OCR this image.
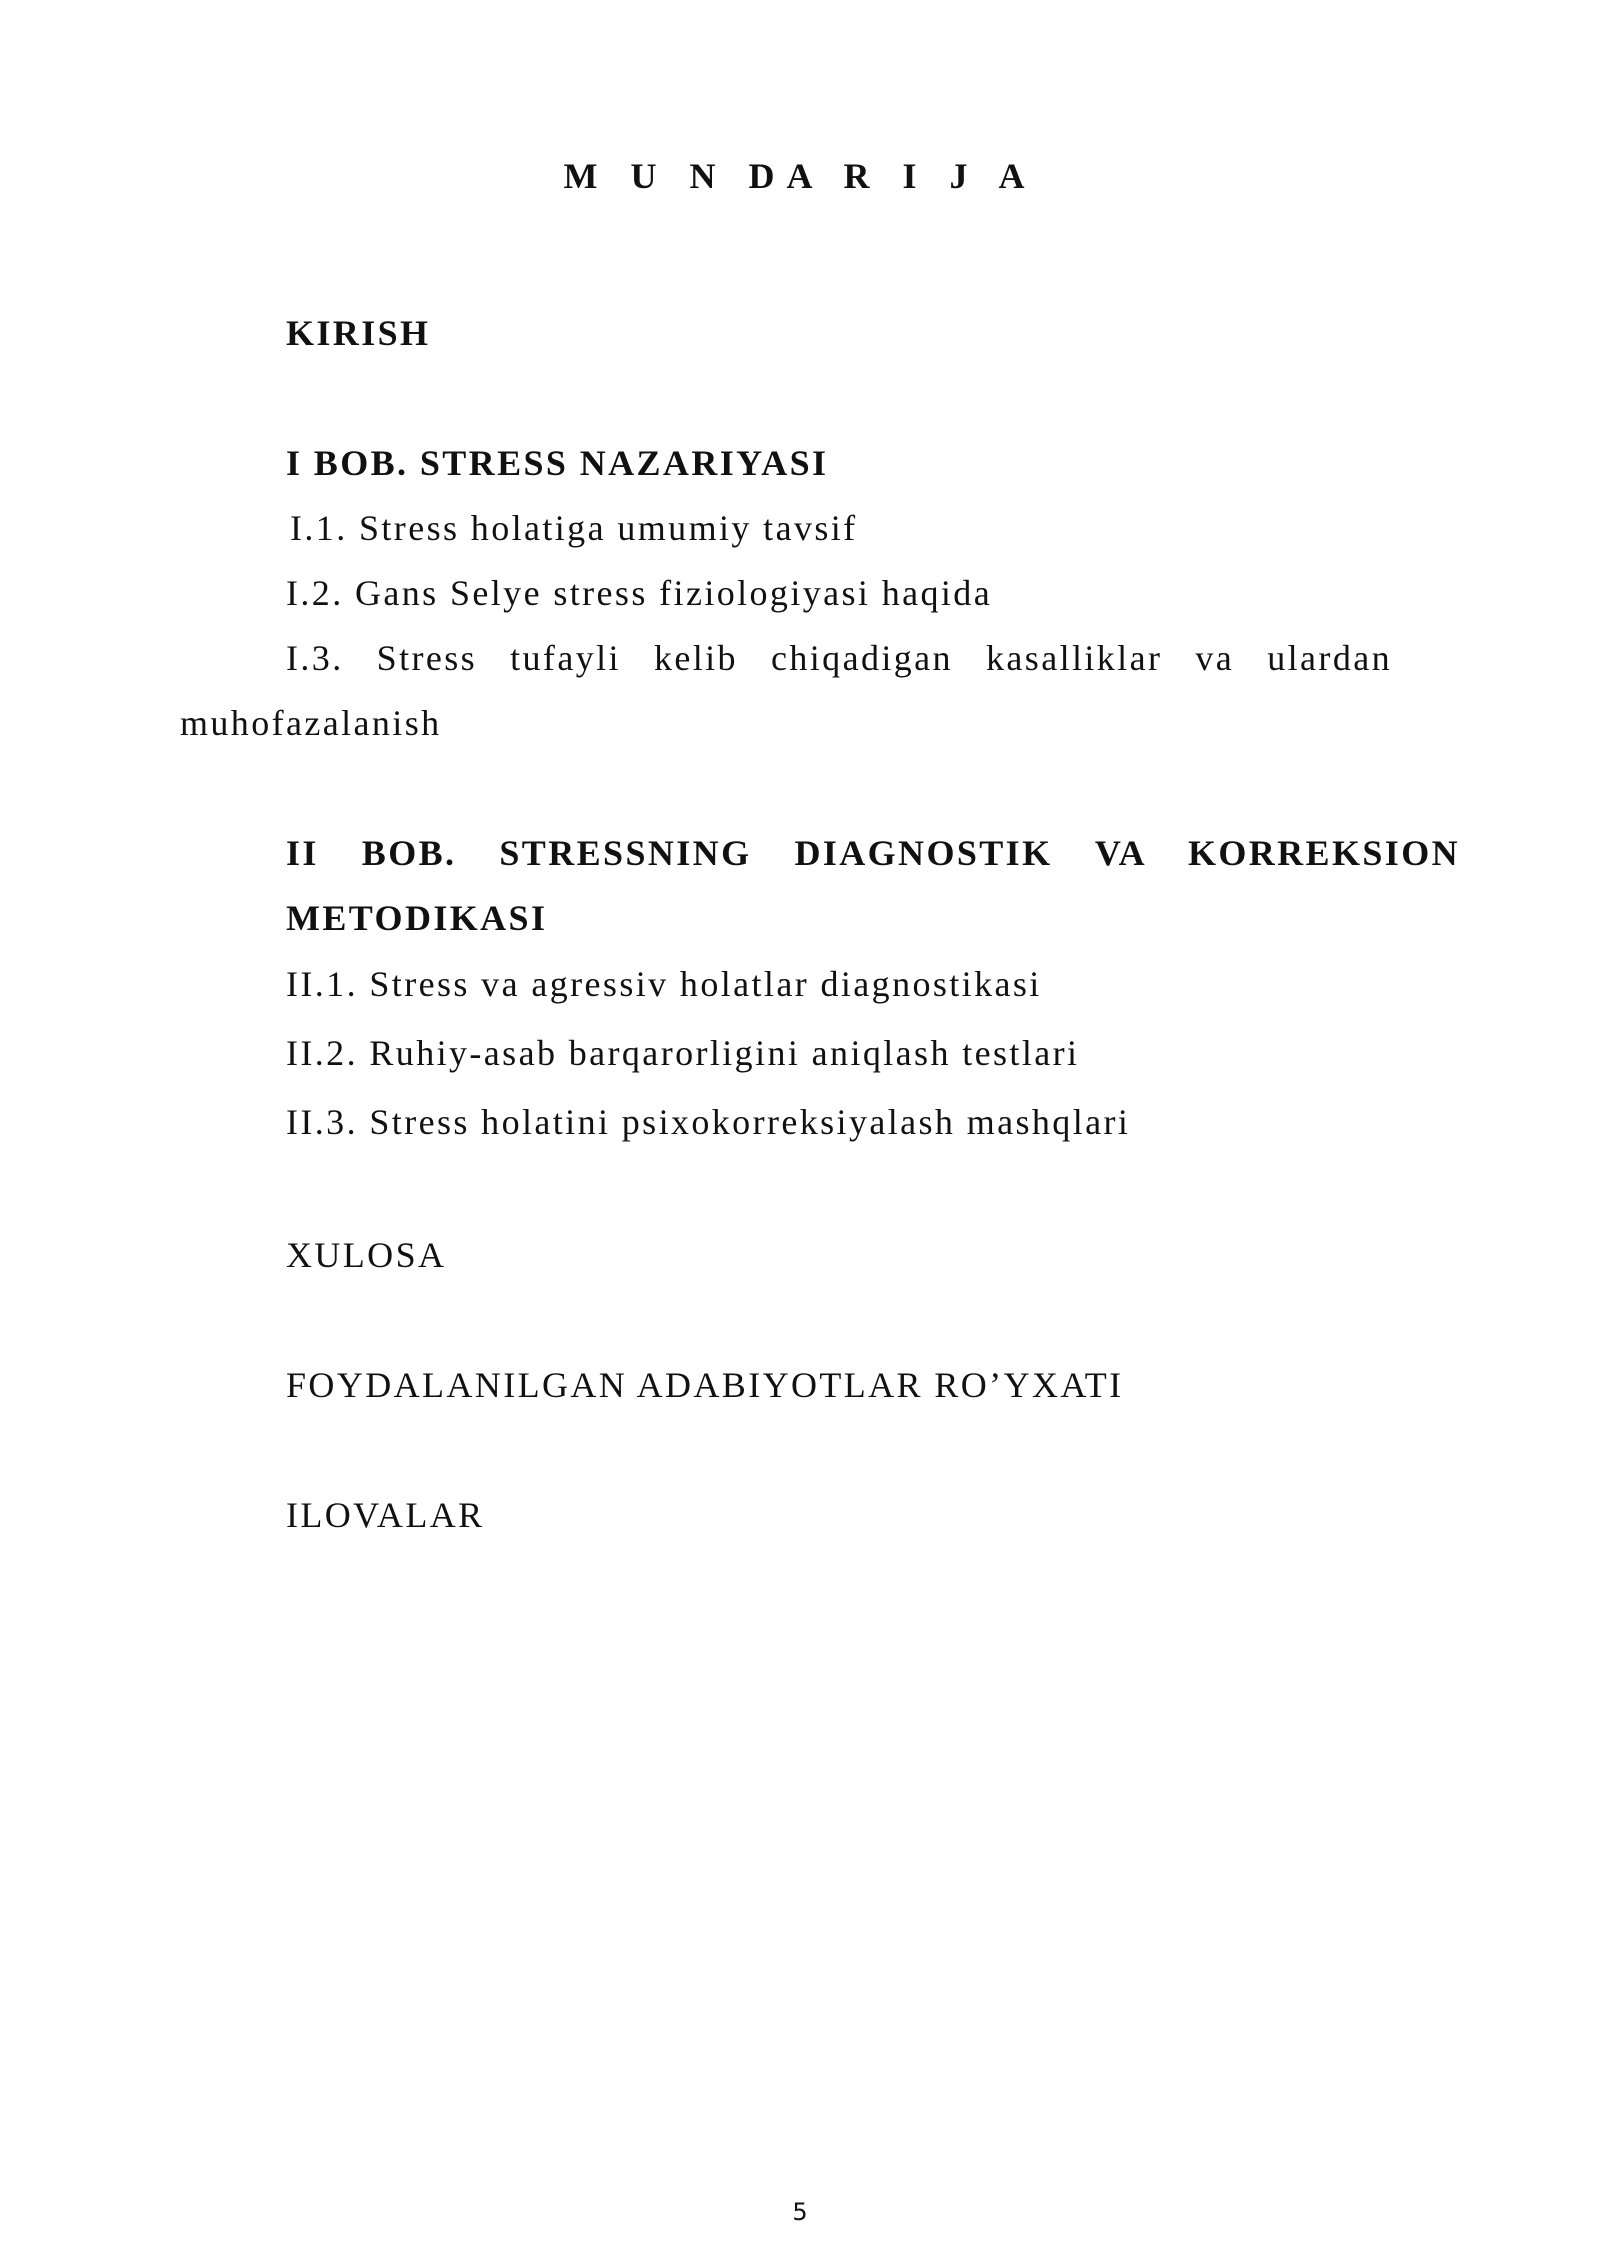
M U N DA R I J A
KIRISH
I BOB. STRESS NAZARIYASI
I.1. Stress holatiga umumiy tavsif
I.2. Gans Selye stress fiziologiyasi haqida
I.3. Stress tufayli kelib chiqadigan kasalliklar va ulardan
muhofazalanish
II BOB. STRESSNING DIAGNOSTIK VA KORREKSION
METODIKASI
II.1. Stress va agressiv holatlar diagnostikasi
II.2. Ruhiy-asab barqarorligini aniqlash testlari
II.3. Stress holatini psixokorreksiyalash mashqlari
XULOSA
FOYDALANILGAN ADABIYOTLAR RO’YXATI
ILOVALAR
5
